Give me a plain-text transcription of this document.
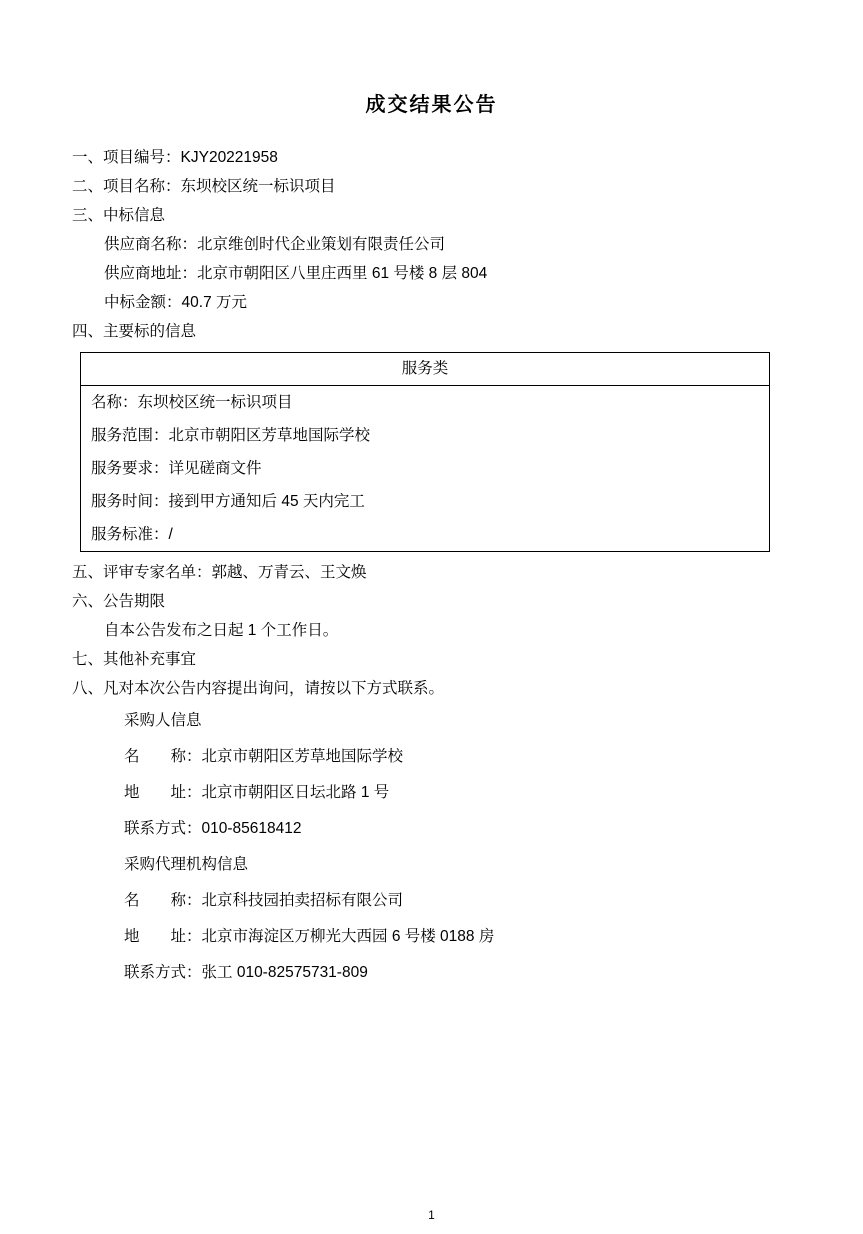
成交结果公告
一、项目编号：KJY20221958
二、项目名称：东坝校区统一标识项目
三、中标信息
供应商名称：北京维创时代企业策划有限责任公司
供应商地址：北京市朝阳区八里庄西里 61 号楼 8 层 804
中标金额：40.7 万元
四、主要标的信息
服务类
名称：东坝校区统一标识项目
服务范围：北京市朝阳区芳草地国际学校
服务要求：详见磋商文件
服务时间：接到甲方通知后 45 天内完工
服务标准：/
五、评审专家名单：郭越、万青云、王文焕
六、公告期限
自本公告发布之日起 1 个工作日。
七、其他补充事宜
八、凡对本次公告内容提出询问，请按以下方式联系。
采购人信息
名　　称：北京市朝阳区芳草地国际学校
地　　址：北京市朝阳区日坛北路 1 号
联系方式：010-85618412
采购代理机构信息
名　　称：北京科技园拍卖招标有限公司
地　　址：北京市海淀区万柳光大西园 6 号楼 0188 房
联系方式：张工 010-82575731-809
1
